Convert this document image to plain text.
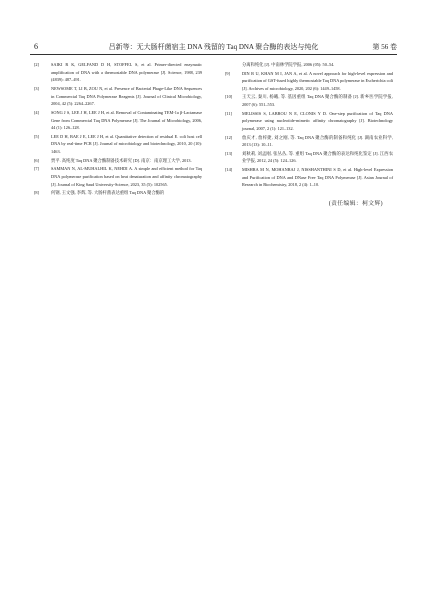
6	吕新等：无大肠杆菌宿主 DNA 残留的 Taq DNA 聚合酶的表达与纯化	第 56 卷
[2]	SAIKI R K, GELFAND D H, STOFFEL S, et al. Primer-directed enzymatic amplification of DNA with a thermostable DNA polymerase [J]. Science, 1988, 239 (4839): 487–491.
[3]	NEWSOME T, LI B, ZOU N, et al. Presence of Bacterial Phage-Like DNA Sequences in Commercial Taq DNA Polymerase Reagents [J]. Journal of Clinical Microbiology, 2004, 42 (5): 2264–2267.
[4]	SONG J S, LEE J H, LEE J H, et al. Removal of Contaminating TEM-1a β-Lactamase Gene from Commercial Taq DNA Polymerase [J]. The Journal of Microbiology, 2006, 44 (1): 126–128.
[5]	LEE D H, BAE J E, LEE J H, et al. Quantitative detection of residual E. coli host cell DNA by real-time PCR [J]. Journal of microbiology and biotechnology, 2010, 20 (10): 1463.
[6]	贾平. 高纯度 Taq DNA 聚合酶制备技术研究 [D]. 南京：南京理工大学, 2013.
[7]	SAMMAN N, AL-MUHALHIL K, NEHDI A. A simple and efficient method for Taq DNA polymerase purification based on heat denaturation and affinity chromatography [J]. Journal of King Saud University-Science, 2023, 35 (5): 102565.
[8]	何钢, 王文强, 李辉, 等. 大肠杆菌表达重组 Taq DNA 聚合酶的
分离和纯化 [J]. 中南林学院学报, 2006 (05): 50–54.
[9]	DIN R U, KHAN M I, JAN A, et al. A novel approach for high-level expression and purification of GST-fused highly thermostable Taq DNA polymerase in Escherichia coli [J]. Archives of microbiology, 2020, 202 (6): 1449–1458.
[10] 王天云, 秦川, 杨曦, 等. 基因重组 Taq DNA 聚合酶的制备 [J]. 新乡医学院学报, 2007 (6): 551–553.
[11] MELISSIS S, LABROU N E, CLONIS Y D. One-step purification of Taq DNA polymerase using nucleotide-mimetic affinity chromatography [J]. Biotechnology journal, 2007, 2 (1): 121–132.
[12] 詹庆才, 詹梓捷, 刘之刚, 等. Taq DNA 聚合酶的制备和纯化 [J]. 湖南农业科学, 2013 (13): 10–11.
[13] 刘秋莉, 刘孟刚, 张丛丛, 等. 重组 Taq DNA 聚合酶的表达和纯化鉴定 [J]. 江西农业学报, 2012, 24 (5): 124–126.
[14] MISHRA M N, MOHANRAJ J, NISSHANTHINI S D, et al. High-level Expression and Purification of DNA and DNase Free Taq DNA Polymerase [J]. Asian Journal of Research in Biochemistry, 2018, 2 (4): 1–10.
(责任编辑：柯文辉)
